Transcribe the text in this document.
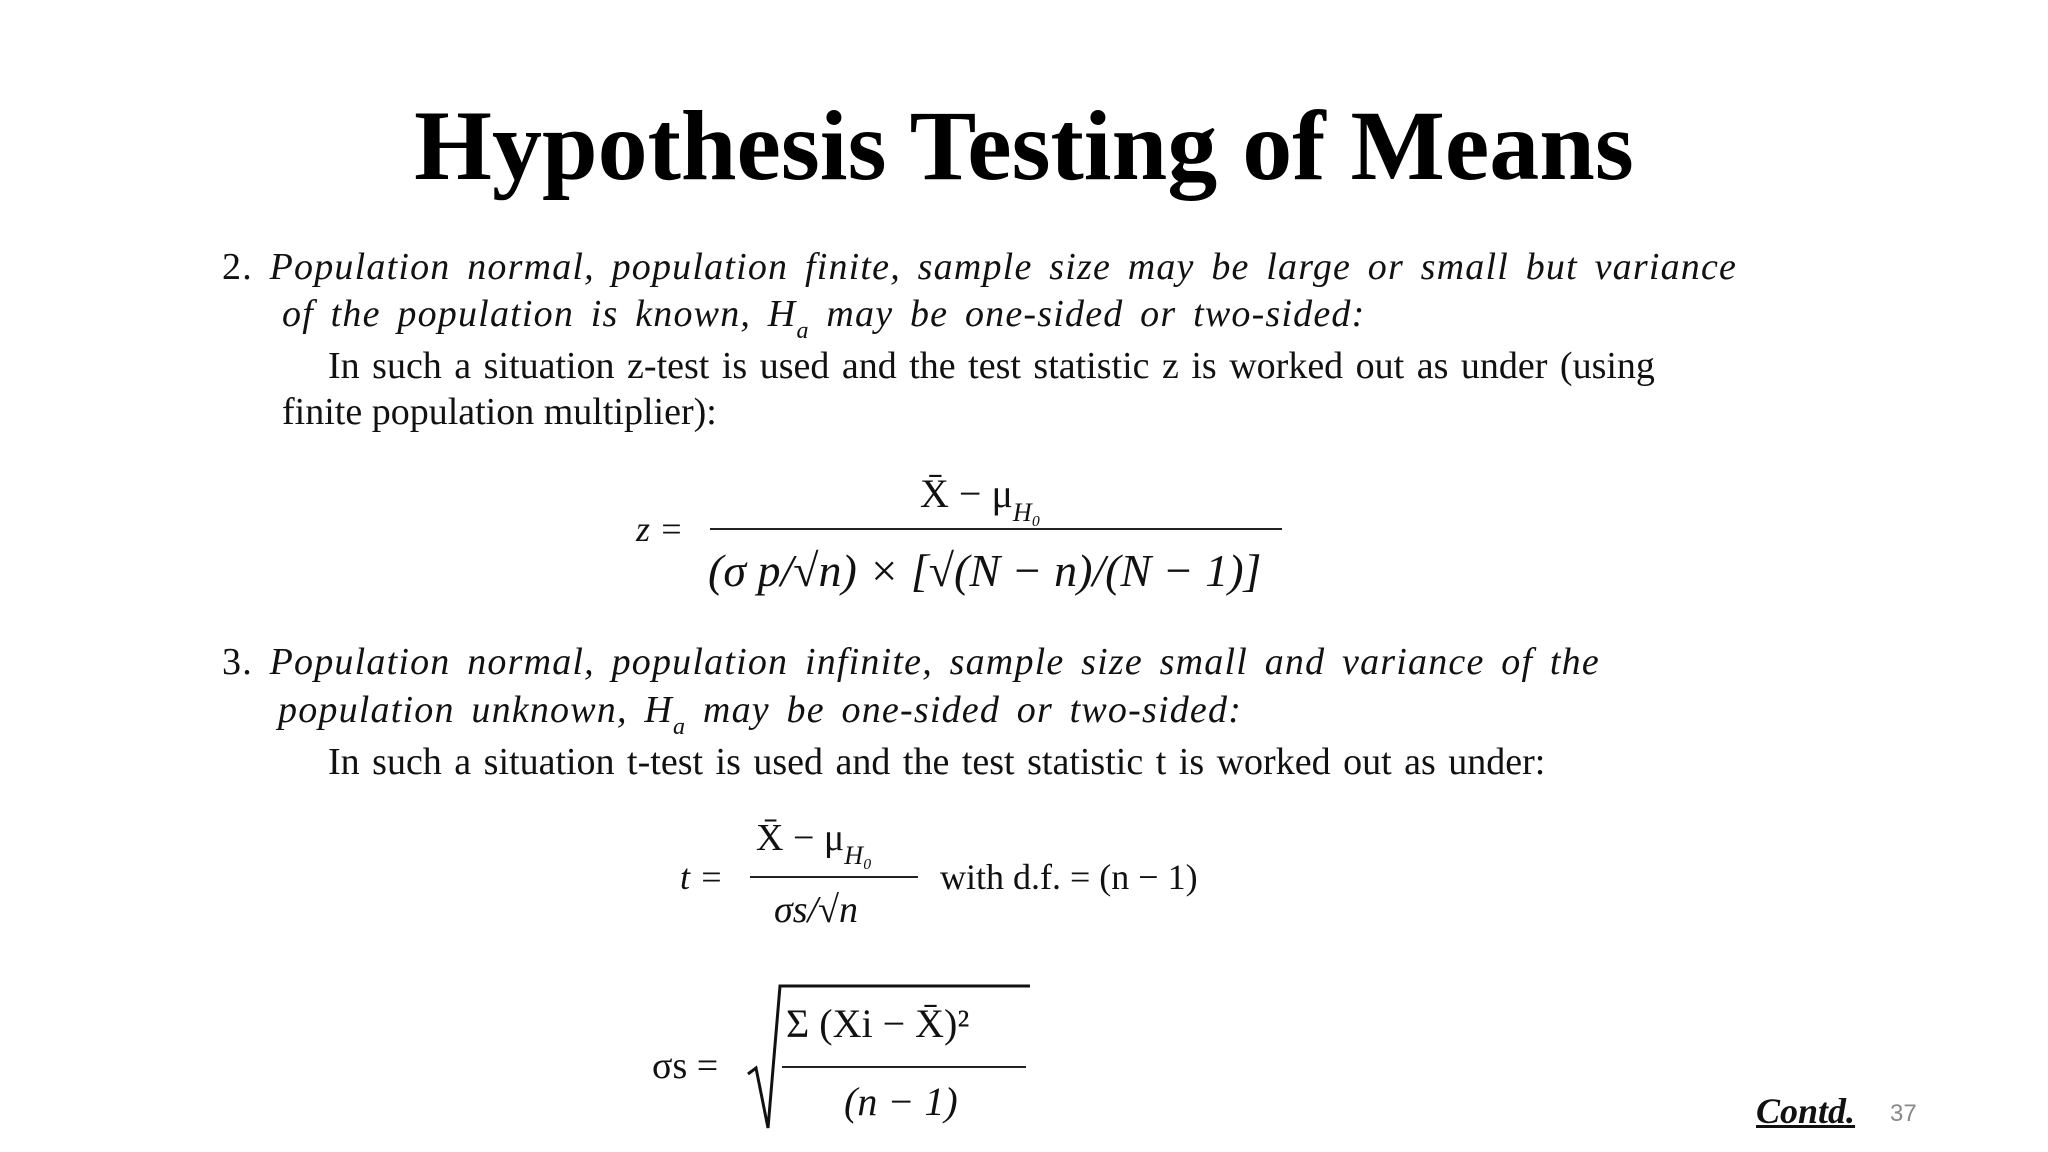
Hypothesis Testing of Means
2. Population normal, population finite, sample size may be large or small but variance
of the population is known, $H_a$ may be one-sided or two-sided:
In such a situation z-test is used and the test statistic z is worked out as under (using
finite population multiplier):
z =
X̄ − $\mu_{H_0}$
(σ p/√n) × [√(N − n)/(N − 1)]
3. Population normal, population infinite, sample size small and variance of the
population unknown, $H_a$ may be one-sided or two-sided:
In such a situation t-test is used and the test statistic t is worked out as under:
t =
X̄ − $\mu_{H_0}$
σs/√n
with d.f. = (n − 1)
σs =
Σ (Xi − X̄)²
(n − 1)	Contd. 37
